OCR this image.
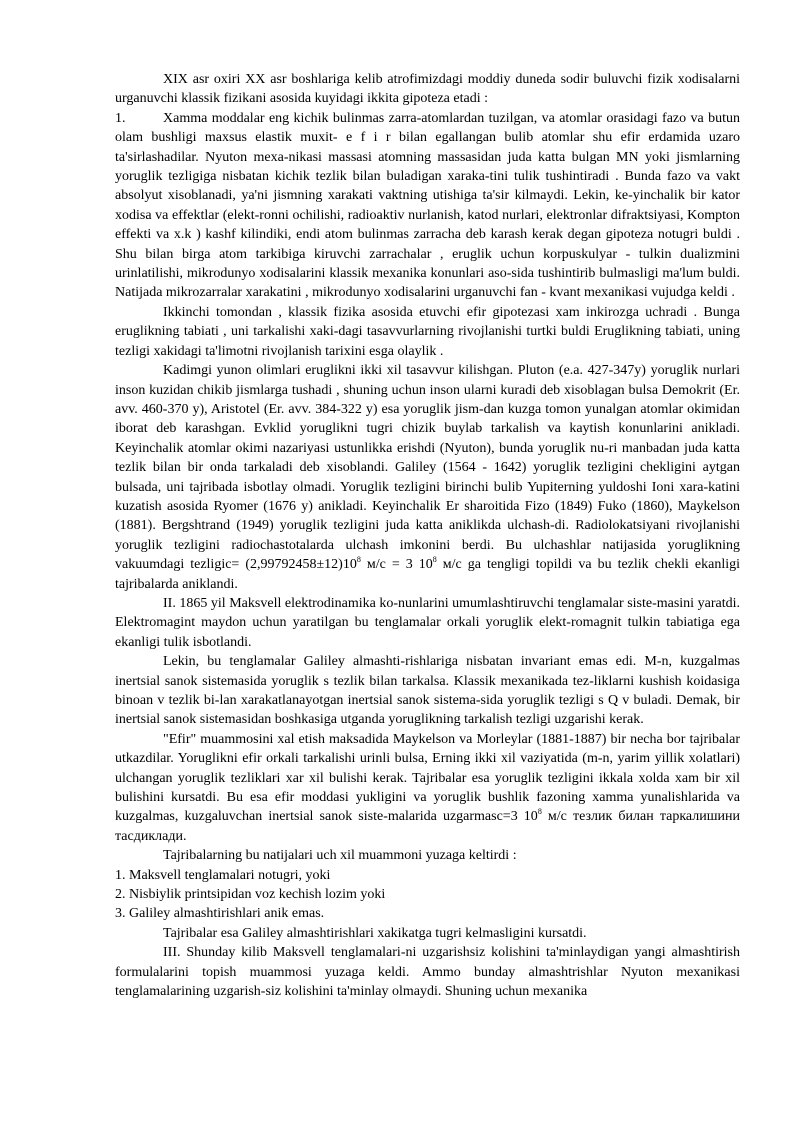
XIX asr oxiri XX asr boshlariga kelib atrofimizdagi moddiy duneda sodir buluvchi fizik xodisalarni urganuvchi klassik fizikani asosida kuyidagi ikkita gipoteza etadi :

1.	Xamma moddalar eng kichik bulinmas zarra-atomlardan tuzilgan, va atomlar orasidagi fazo va butun olam bushligi maxsus elastik muxit- e f i r bilan egallangan bulib atomlar shu efir erdamida uzaro ta'sirlashadilar. Nyuton mexa-nikasi massasi atomning massasidan juda katta bulgan MN yoki jismlarning yoruglik tezligiga nisbatan kichik tezlik bilan buladigan xaraka-tini tulik tushintiradi . Bunda fazo va vakt absolyut xisoblanadi, ya'ni jismning xarakati vaktning utishiga ta'sir kilmaydi. Lekin, ke-yinchalik bir kator xodisa va effektlar (elekt-ronni ochilishi, radioaktiv nurlanish, katod nurlari, elektronlar difraktsiyasi, Kompton effekti va x.k ) kashf kilindiki, endi atom bulinmas zarracha deb karash kerak degan gipoteza notugri buldi . Shu bilan birga atom tarkibiga kiruvchi zarrachalar , eruglik uchun korpuskulyar - tulkin dualizmini urinlatilishi, mikrodunyo xodisalarini klassik mexanika konunlari aso-sida tushintirib bulmasligi ma'lum buldi. Natijada mikrozarralar xarakatini , mikrodunyo xodisalarini urganuvchi fan - kvant mexanikasi vujudga keldi .

Ikkinchi tomondan , klassik fizika asosida etuvchi efir gipotezasi xam inkirozga uchradi . Bunga eruglikning tabiati , uni tarkalishi xaki-dagi tasavvurlarning rivojlanishi turtki buldi Eruglikning tabiati, uning tezligi xakidagi ta'limotni rivojlanish tarixini esga olaylik .

Kadimgi yunon olimlari eruglikni ikki xil tasavvur kilishgan. Pluton (e.a. 427-347y) yoruglik nurlari inson kuzidan chikib jismlarga tushadi , shuning uchun inson ularni kuradi deb xisoblagan bulsa Demokrit (Er. avv. 460-370 y), Aristotel (Er. avv. 384-322 y) esa yoruglik jism-dan kuzga tomon yunalgan atomlar okimidan iborat deb karashgan. Evklid yoruglikni tugri chizik buylab tarkalish va kaytish konunlarini anikladi. Keyinchalik atomlar okimi nazariyasi ustunlikka erishdi (Nyuton), bunda yoruglik nu-ri manbadan juda katta tezlik bilan bir onda tarkaladi deb xisoblandi. Galiley (1564 - 1642) yoruglik tezligini chekligini aytgan bulsada, uni tajribada isbotlay olmadi. Yoruglik tezligini birinchi bulib Yupiterning yuldoshi Ioni xara-katini kuzatish asosida Ryomer (1676 y) anikladi. Keyinchalik Er sharoitida Fizo (1849) Fuko (1860), Maykelson (1881). Bergshtrand (1949) yoruglik tezligini juda katta aniklikda ulchash-di. Radiolokatsiyani rivojlanishi yoruglik tezligini radiochastotalarda ulchash imkonini berdi. Bu ulchashlar natijasida yoruglikning vakuumdagi tezligic= $(2,99792458\pm 12)10^8$ м/с = 3 $10^8$ м/с ga tengligi topildi va bu tezlik chekli ekanligi tajribalarda aniklandi.

II. 1865 yil Maksvell elektrodinamika ko-nunlarini umumlashtiruvchi tenglamalar siste-masini yaratdi. Elektromagint maydon uchun yaratilgan bu tenglamalar orkali yoruglik elekt-romagnit tulkin tabiatiga ega ekanligi tulik isbotlandi.

Lekin, bu tenglamalar Galiley almashti-rishlariga nisbatan invariant emas edi. M-n, kuzgalmas inertsial sanok sistemasida yoruglik s tezlik bilan tarkalsa. Klassik mexanikada tez-liklarni kushish koidasiga binoan v tezlik bi-lan xarakatlanayotgan inertsial sanok sistema-sida yoruglik tezligi s Q v buladi. Demak, bir inertsial sanok sistemasidan boshkasiga utganda yoruglikning tarkalish tezligi uzgarishi kerak.

"Efir" muammosini xal etish maksadida Maykelson va Morleylar (1881-1887) bir necha bor tajribalar utkazdilar. Yoruglikni efir orkali tarkalishi urinli bulsa, Erning ikki xil vaziyatida (m-n, yarim yillik xolatlari) ulchangan yoruglik tezliklari xar xil bulishi kerak. Tajribalar esa yoruglik tezligini ikkala xolda xam bir xil bulishini kursatdi. Bu esa efir moddasi yukligini va yoruglik bushlik fazoning xamma yunalishlarida va kuzgalmas, kuzgaluvchan inertsial sanok siste-malarida uzgarmasc=3 $10^8$ м/с тезлик билан таркалишини тасдиклади.

Tajribalarning bu natijalari uch xil muammoni yuzaga keltirdi :

1. Maksvell tenglamalari notugri, yoki

2. Nisbiylik printsipidan voz kechish lozim yoki

3. Galiley almashtirishlari anik emas.

Tajribalar esa Galiley almashtirishlari xakikatga tugri kelmasligini kursatdi.

III. Shunday kilib Maksvell tenglamalari-ni uzgarishsiz kolishini ta'minlaydigan yangi almashtirish formulalarini topish muammosi yuzaga keldi. Ammo bunday almashtrishlar Nyuton mexanikasi tenglamalarining uzgarish-siz kolishini ta'minlay olmaydi. Shuning uchun mexanika
